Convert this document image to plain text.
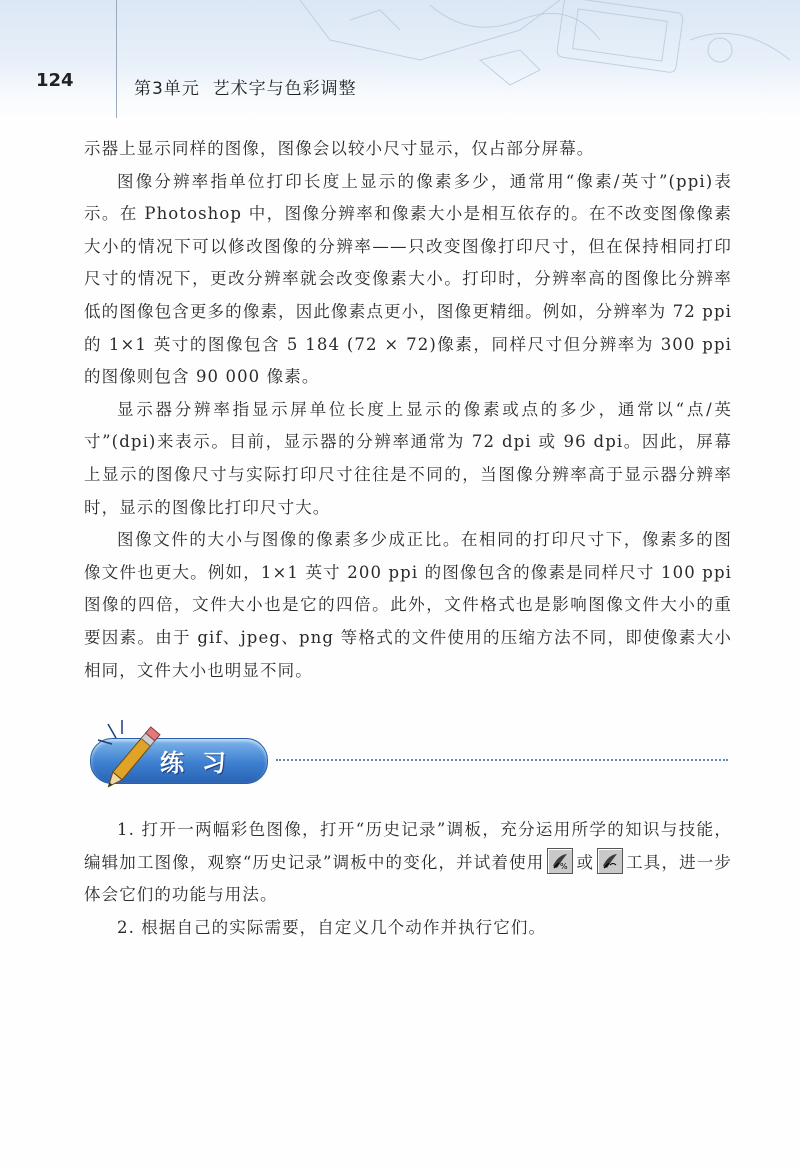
124	第3单元 艺术字与色彩调整

示器上显示同样的图像，图像会以较小尺寸显示，仅占部分屏幕。

图像分辨率指单位打印长度上显示的像素多少，通常用“像素/英寸”(ppi)表示。在 Photoshop 中，图像分辨率和像素大小是相互依存的。在不改变图像像素大小的情况下可以修改图像的分辨率——只改变图像打印尺寸，但在保持相同打印尺寸的情况下，更改分辨率就会改变像素大小。打印时，分辨率高的图像比分辨率低的图像包含更多的像素，因此像素点更小，图像更精细。例如，分辨率为 72 ppi 的 1×1 英寸的图像包含 5 184 (72 × 72)像素，同样尺寸但分辨率为 300 ppi 的图像则包含 90 000 像素。

显示器分辨率指显示屏单位长度上显示的像素或点的多少，通常以“点/英寸”(dpi)来表示。目前，显示器的分辨率通常为 72 dpi 或 96 dpi。因此，屏幕上显示的图像尺寸与实际打印尺寸往往是不同的，当图像分辨率高于显示器分辨率时，显示的图像比打印尺寸大。

图像文件的大小与图像的像素多少成正比。在相同的打印尺寸下，像素多的图像文件也更大。例如，1×1 英寸 200 ppi 的图像包含的像素是同样尺寸 100 ppi 图像的四倍，文件大小也是它的四倍。此外，文件格式也是影响图像文件大小的重要因素。由于 gif、jpeg、png 等格式的文件使用的压缩方法不同，即使像素大小相同，文件大小也明显不同。

练习

1. 打开一两幅彩色图像，打开“历史记录”调板，充分运用所学的知识与技能，编辑加工图像，观察“历史记录”调板中的变化，并试着使用 % 或 工具，进一步体会它们的功能与用法。

2. 根据自己的实际需要，自定义几个动作并执行它们。
